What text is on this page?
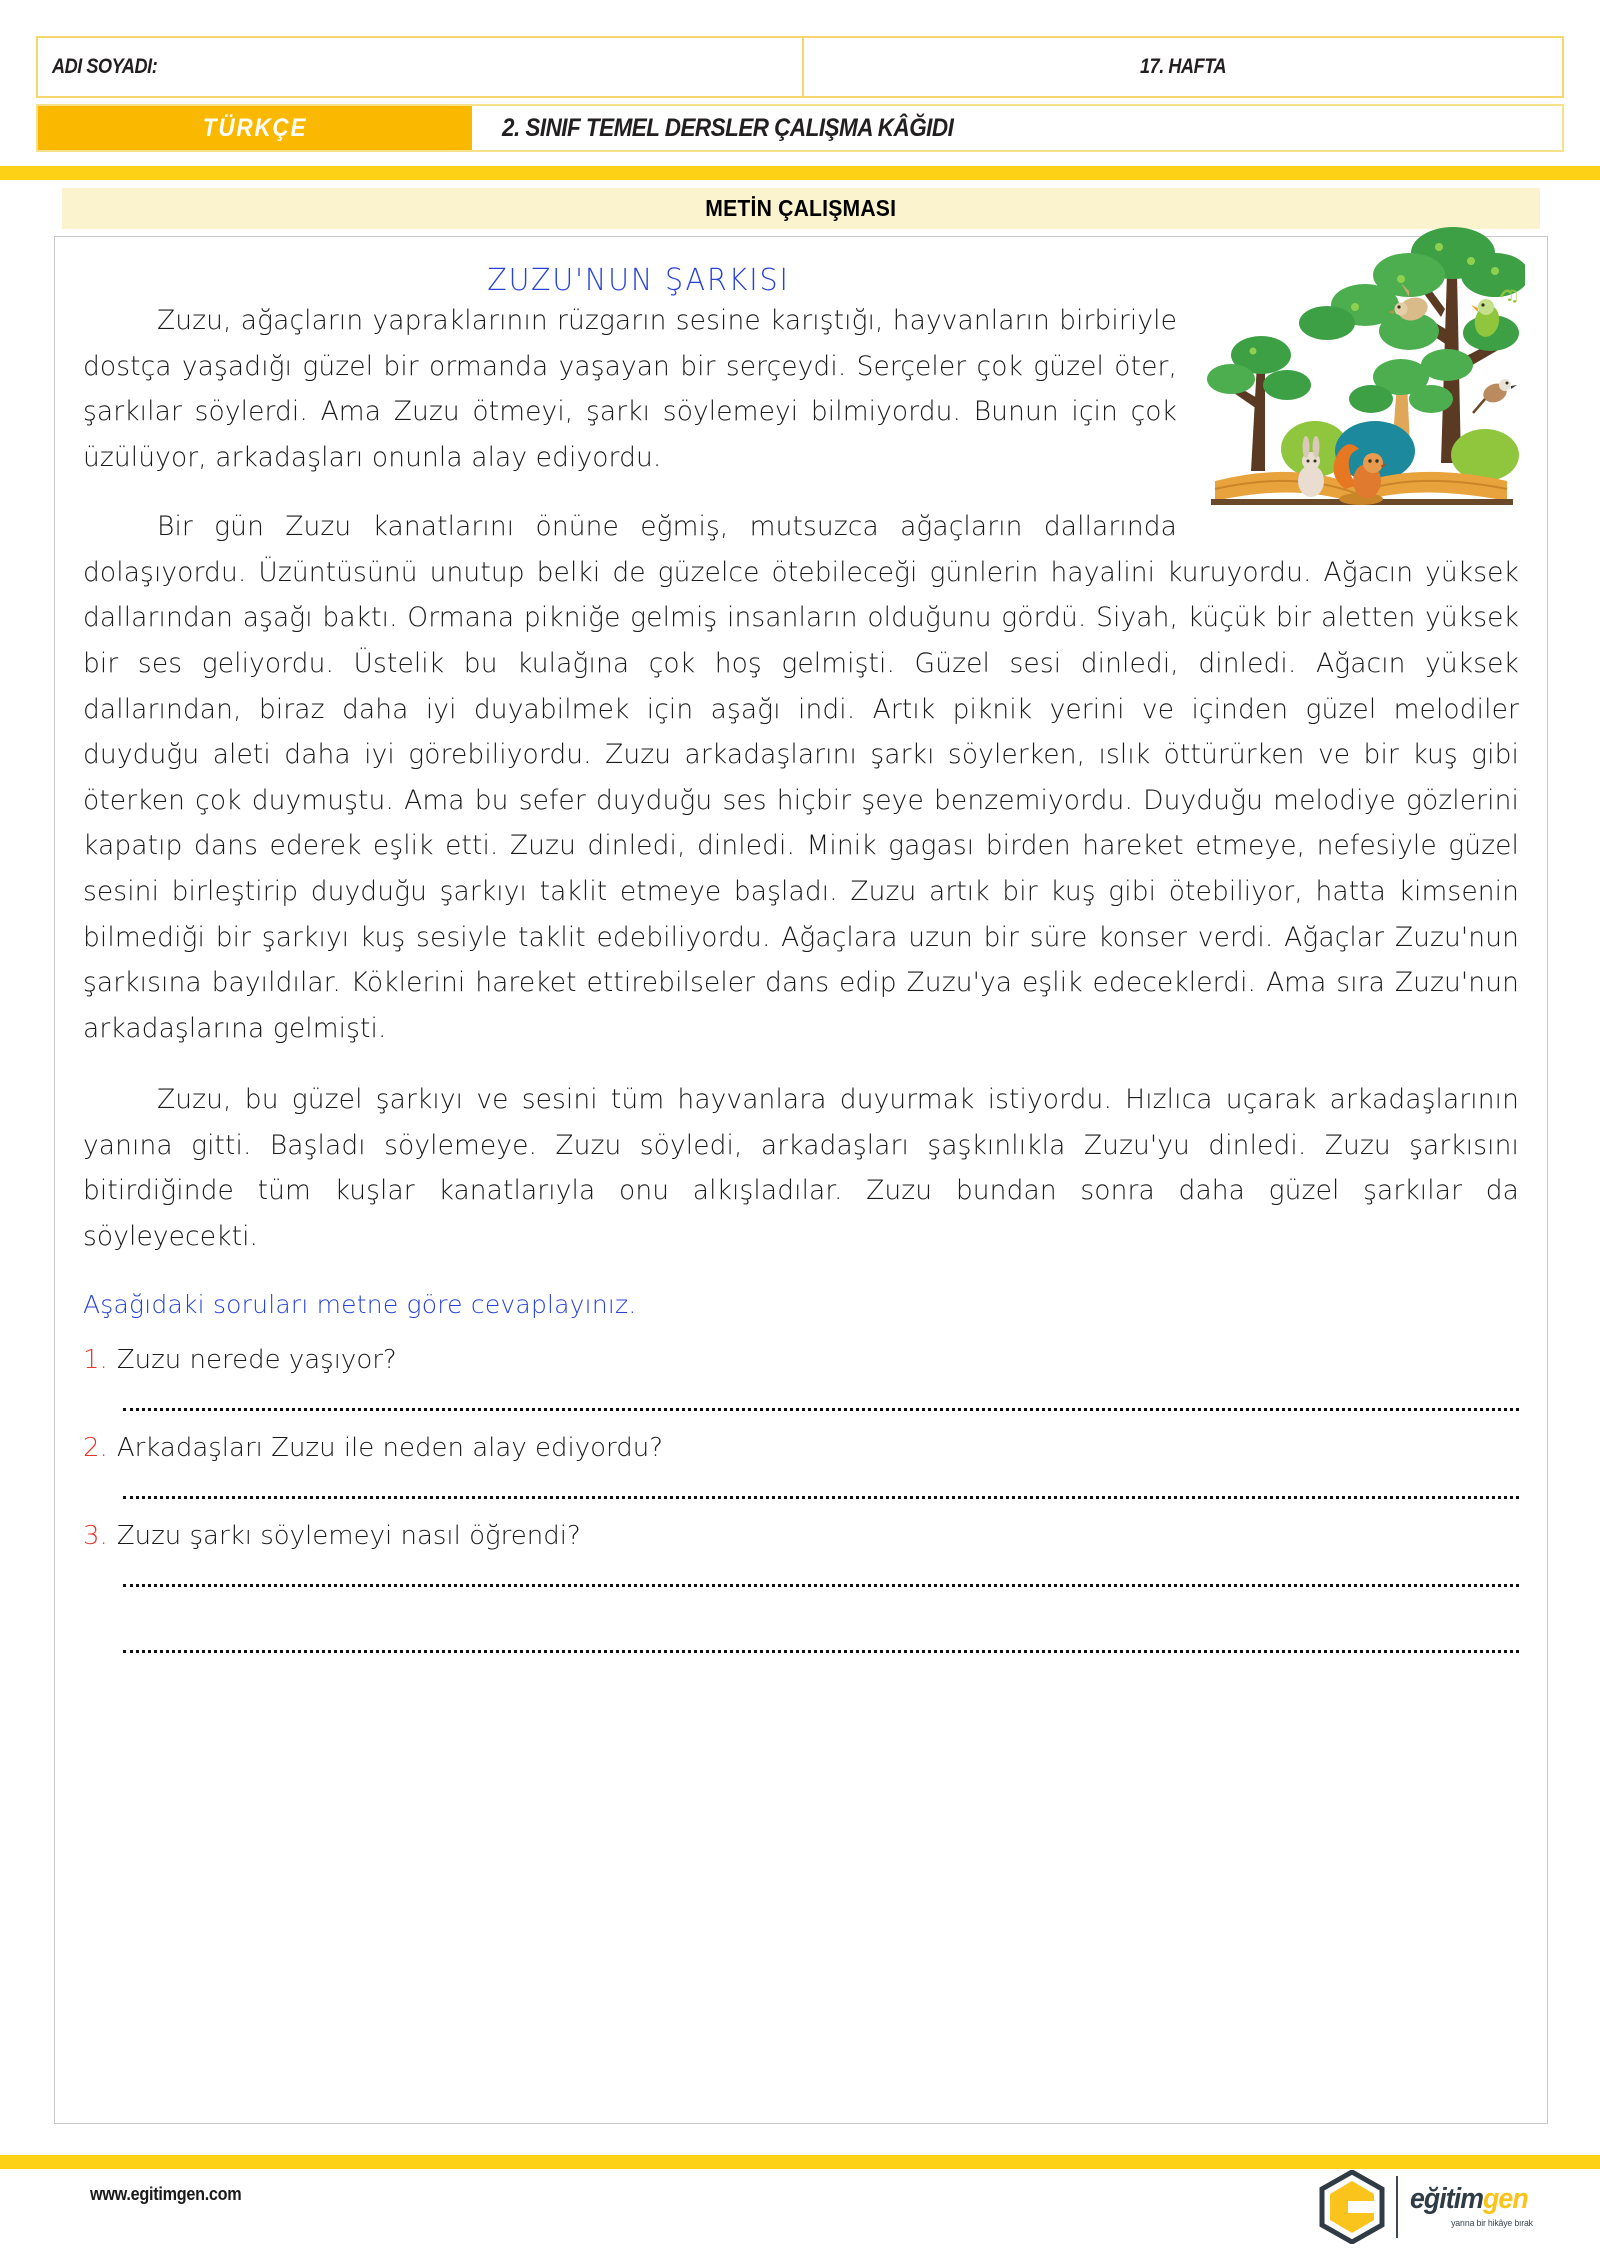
ADI SOYADI:	17. HAFTA
TÜRKÇE	2. SINIF TEMEL DERSLER ÇALIŞMA KÂĞIDI
METİN ÇALIŞMASI
♫
ZUZU'NUN ŞARKISI

Zuzu, ağaçların yapraklarının rüzgarın sesine karıştığı, hayvanların birbiriyle dostça yaşadığı güzel bir ormanda yaşayan bir serçeydi. Serçeler çok güzel öter, şarkılar söylerdi. Ama Zuzu ötmeyi, şarkı söylemeyi bilmiyordu. Bunun için çok üzülüyor, arkadaşları onunla alay ediyordu.

Bir gün Zuzu kanatlarını önüne eğmiş, mutsuzca ağaçların dallarında dolaşıyordu. Üzüntüsünü unutup belki de güzelce ötebileceği günlerin hayalini kuruyordu. Ağacın yüksek dallarından aşağı baktı. Ormana pikniğe gelmiş insanların olduğunu gördü. Siyah, küçük bir aletten yüksek bir ses geliyordu. Üstelik bu kulağına çok hoş gelmişti. Güzel sesi dinledi, dinledi. Ağacın yüksek dallarından, biraz daha iyi duyabilmek için aşağı indi. Artık piknik yerini ve içinden güzel melodiler duyduğu aleti daha iyi görebiliyordu. Zuzu arkadaşlarını şarkı söylerken, ıslık öttürürken ve bir kuş gibi öterken çok duymuştu. Ama bu sefer duyduğu ses hiçbir şeye benzemiyordu. Duyduğu melodiye gözlerini kapatıp dans ederek eşlik etti. Zuzu dinledi, dinledi. Minik gagası birden hareket etmeye, nefesiyle güzel sesini birleştirip duyduğu şarkıyı taklit etmeye başladı. Zuzu artık bir kuş gibi ötebiliyor, hatta kimsenin bilmediği bir şarkıyı kuş sesiyle taklit edebiliyordu. Ağaçlara uzun bir süre konser verdi. Ağaçlar Zuzu'nun şarkısına bayıldılar. Köklerini hareket ettirebilseler dans edip Zuzu'ya eşlik edeceklerdi. Ama sıra Zuzu'nun arkadaşlarına gelmişti.

Zuzu, bu güzel şarkıyı ve sesini tüm hayvanlara duyurmak istiyordu. Hızlıca uçarak arkadaşlarının yanına gitti. Başladı söylemeye. Zuzu söyledi, arkadaşları şaşkınlıkla Zuzu'yu dinledi. Zuzu şarkısını bitirdiğinde tüm kuşlar kanatlarıyla onu alkışladılar. Zuzu bundan sonra daha güzel şarkılar da söyleyecekti.

Aşağıdaki soruları metne göre cevaplayınız.
1. Zuzu nerede yaşıyor?
2. Arkadaşları Zuzu ile neden alay ediyordu?
3. Zuzu şarkı söylemeyi nasıl öğrendi?
www.egitimgen.com	eğitimgen
yarına bir hikâye bırak
